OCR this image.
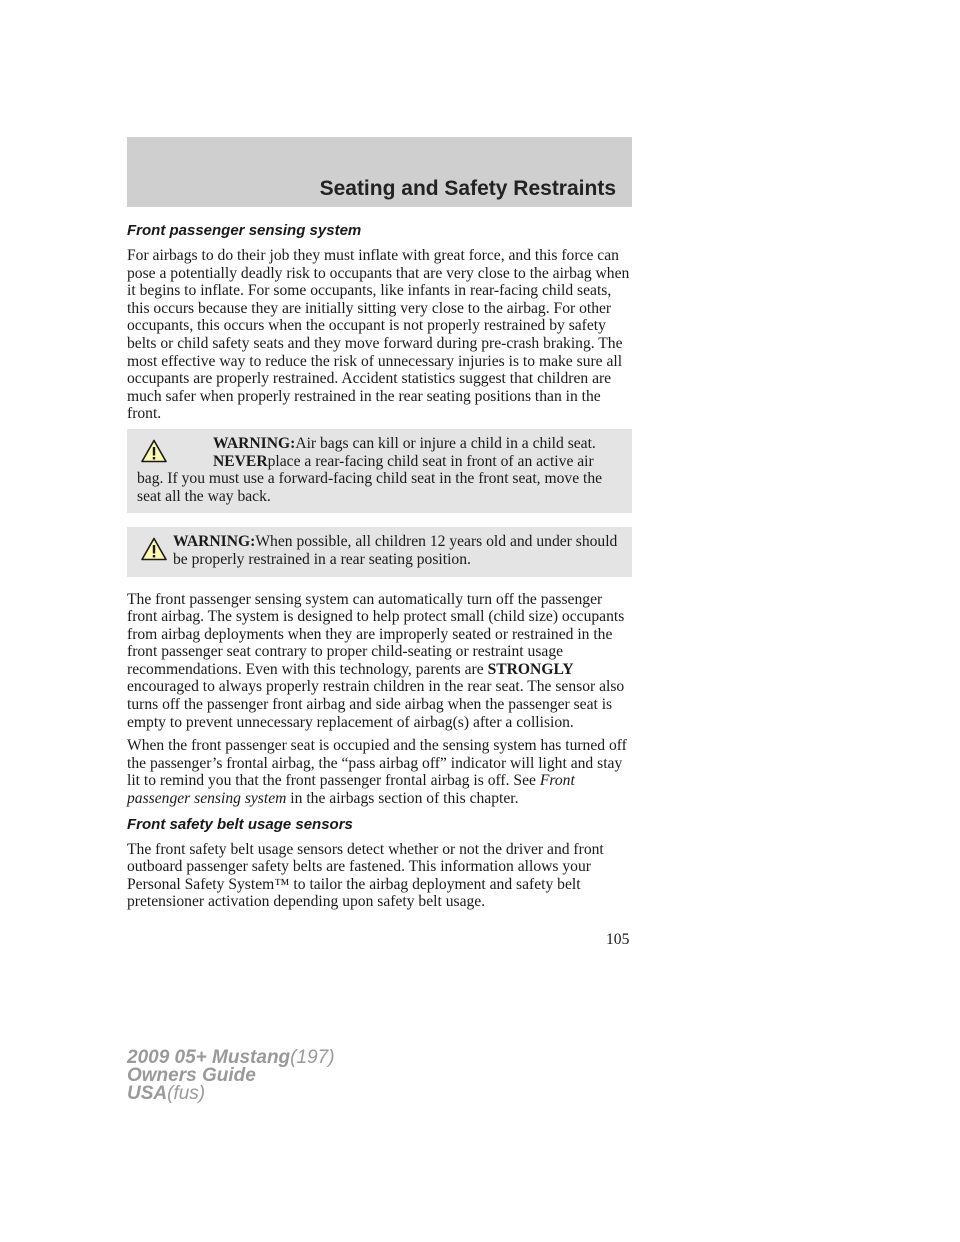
Seating and Safety Restraints
Front passenger sensing system

For airbags to do their job they must inflate with great force, and this force can pose a potentially deadly risk to occupants that are very close to the airbag when it begins to inflate. For some occupants, like infants in rear-facing child seats, this occurs because they are initially sitting very close to the airbag. For other occupants, this occurs when the occupant is not properly restrained by safety belts or child safety seats and they move forward during pre-crash braking. The most effective way to reduce the risk of unnecessary injuries is to make sure all occupants are properly restrained. Accident statistics suggest that children are much safer when properly restrained in the rear seating positions than in the front.

WARNING:Air bags can kill or injure a child in a child seat.
NEVERplace a rear-facing child seat in front of an active air bag. If you must use a forward-facing child seat in the front seat, move the seat all the way back.
WARNING:When possible, all children 12 years old and under should be properly restrained in a rear seating position.

The front passenger sensing system can automatically turn off the passenger front airbag. The system is designed to help protect small (child size) occupants from airbag deployments when they are improperly seated or restrained in the front passenger seat contrary to proper child-seating or restraint usage recommendations. Even with this technology, parents are STRONGLY encouraged to always properly restrain children in the rear seat. The sensor also turns off the passenger front airbag and side airbag when the passenger seat is empty to prevent unnecessary replacement of airbag(s) after a collision.

When the front passenger seat is occupied and the sensing system has turned off the passenger’s frontal airbag, the “pass airbag off” indicator will light and stay lit to remind you that the front passenger frontal airbag is off. See Front passenger sensing system in the airbags section of this chapter.

Front safety belt usage sensors

The front safety belt usage sensors detect whether or not the driver and front outboard passenger safety belts are fastened. This information allows your Personal Safety System™ to tailor the airbag deployment and safety belt pretensioner activation depending upon safety belt usage.

105
2009 05+ Mustang(197)
Owners Guide
USA(fus)
